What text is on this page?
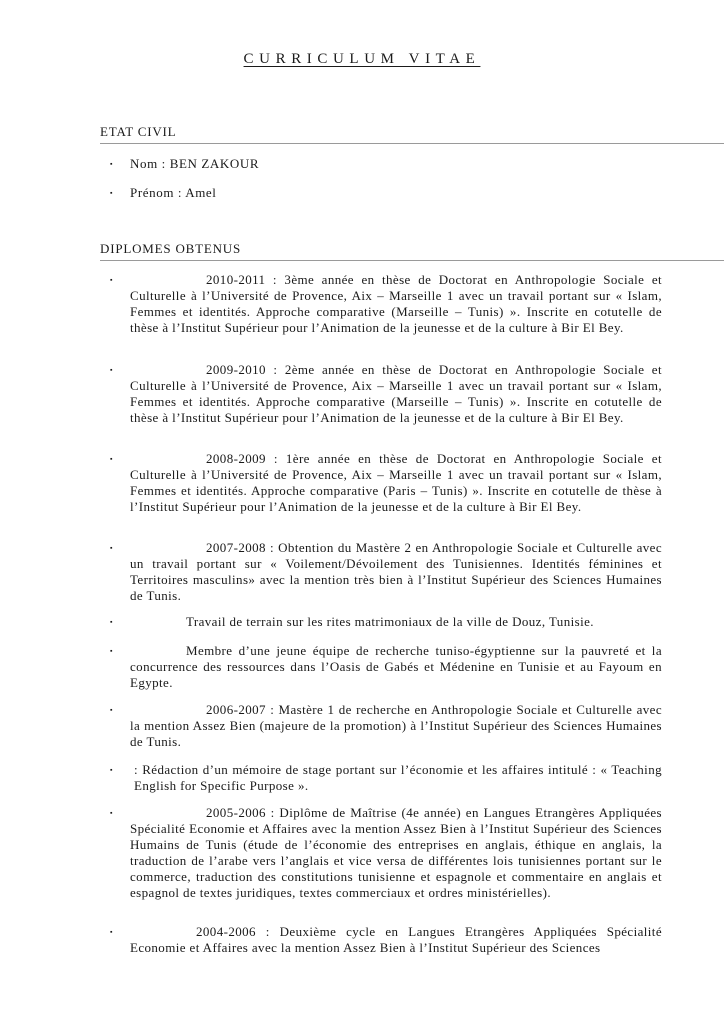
CURRICULUM VITAE
ETAT CIVIL
▪ Nom : BEN ZAKOUR
▪ Prénom : Amel
DIPLOMES OBTENUS
▪	2010-2011 : 3ème année en thèse de Doctorat en Anthropologie Sociale et Culturelle à l’Université de Provence, Aix – Marseille 1 avec un travail portant sur « Islam, Femmes et identités. Approche comparative (Marseille – Tunis) ». Inscrite en cotutelle de thèse à l’Institut Supérieur pour l’Animation de la jeunesse et de la culture à Bir El Bey.
▪	2009-2010 : 2ème année en thèse de Doctorat en Anthropologie Sociale et Culturelle à l’Université de Provence, Aix – Marseille 1 avec un travail portant sur « Islam, Femmes et identités. Approche comparative (Marseille – Tunis) ». Inscrite en cotutelle de thèse à l’Institut Supérieur pour l’Animation de la jeunesse et de la culture à Bir El Bey.
▪	2008-2009 : 1ère année en thèse de Doctorat en Anthropologie Sociale et Culturelle à l’Université de Provence, Aix – Marseille 1 avec un travail portant sur « Islam, Femmes et identités. Approche comparative (Paris – Tunis) ». Inscrite en cotutelle de thèse à l’Institut Supérieur pour l’Animation de la jeunesse et de la culture à Bir El Bey.
▪	2007-2008 : Obtention du Mastère 2 en Anthropologie Sociale et Culturelle avec un travail portant sur « Voilement/Dévoilement des Tunisiennes. Identités féminines et Territoires masculins» avec la mention très bien à l’Institut Supérieur des Sciences Humaines de Tunis.
▪	Travail de terrain sur les rites matrimoniaux de la ville de Douz, Tunisie.
▪	Membre d’une jeune équipe de recherche tuniso-égyptienne sur la pauvreté et la concurrence des ressources dans l’Oasis de Gabés et Médenine en Tunisie et au Fayoum en Egypte.
▪	2006-2007 : Mastère 1 de recherche en Anthropologie Sociale et Culturelle avec la mention Assez Bien (majeure de la promotion) à l’Institut Supérieur des Sciences Humaines de Tunis.
▪ : Rédaction d’un mémoire de stage portant sur l’économie et les affaires intitulé : « Teaching English for Specific Purpose ».
▪	2005-2006 : Diplôme de Maîtrise (4e année) en Langues Etrangères Appliquées Spécialité Economie et Affaires avec la mention Assez Bien à l’Institut Supérieur des Sciences Humains de Tunis (étude de l’économie des entreprises en anglais, éthique en anglais, la traduction de l’arabe vers l’anglais et vice versa de différentes lois tunisiennes portant sur le commerce, traduction des constitutions tunisienne et espagnole et commentaire en anglais et espagnol de textes juridiques, textes commerciaux et ordres ministérielles).
▪	2004-2006 : Deuxième cycle en Langues Etrangères Appliquées Spécialité Economie et Affaires avec la mention Assez Bien à l’Institut Supérieur des Sciences
